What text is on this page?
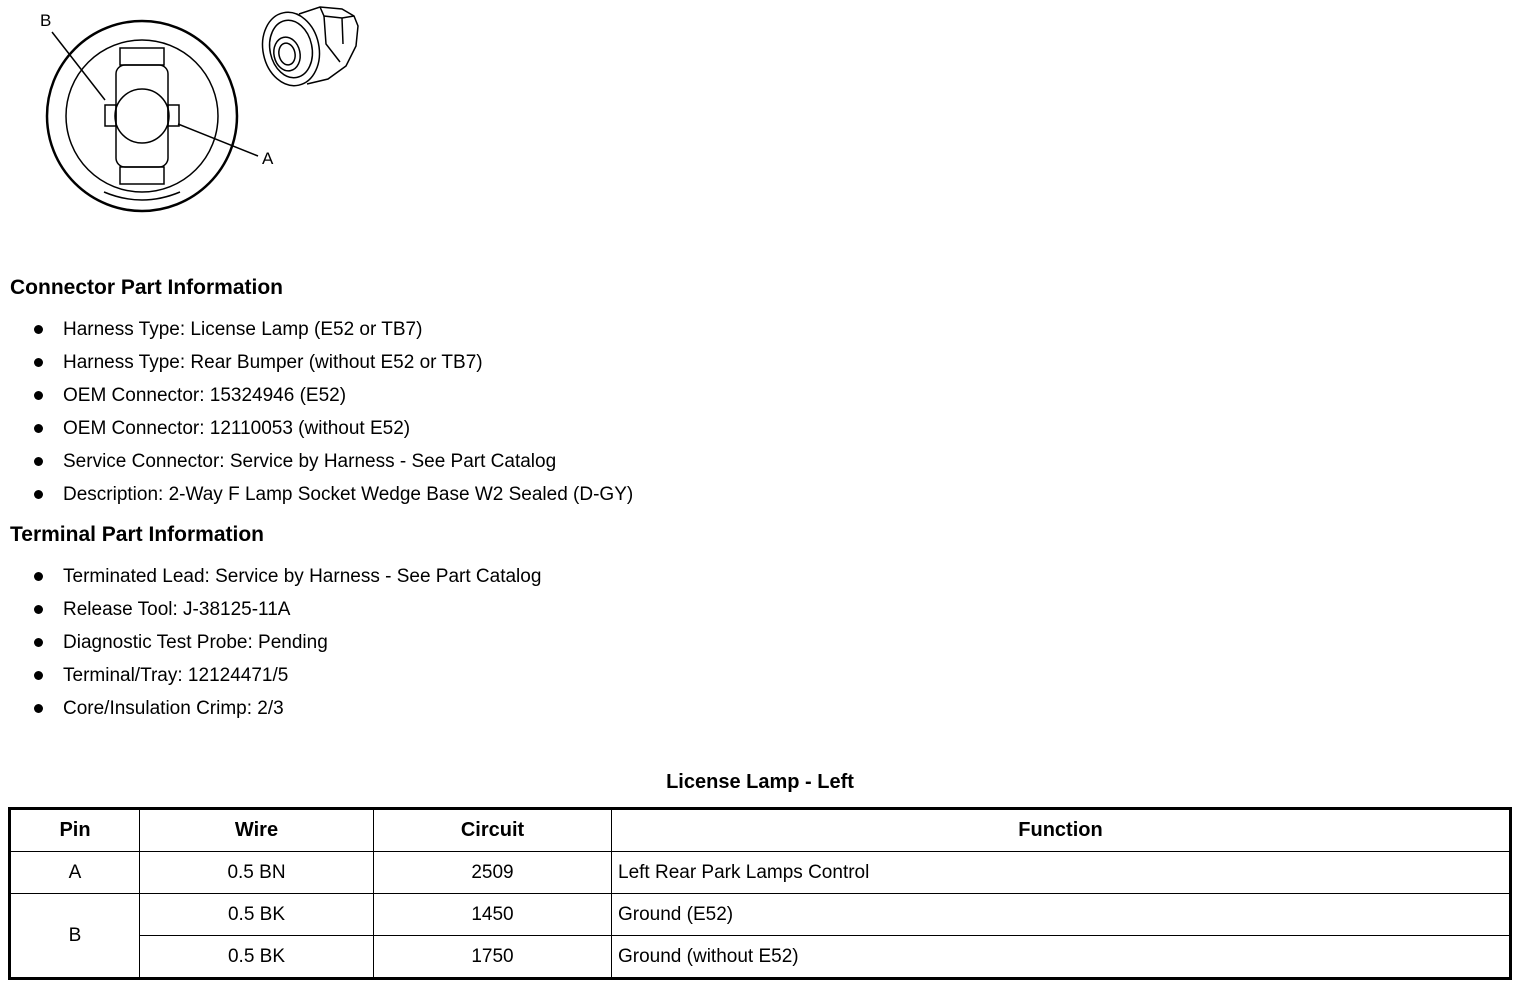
B
A
Connector Part Information
Harness Type: License Lamp (E52 or TB7)
Harness Type: Rear Bumper (without E52 or TB7)
OEM Connector: 15324946 (E52)
OEM Connector: 12110053 (without E52)
Service Connector: Service by Harness - See Part Catalog
Description: 2-Way F Lamp Socket Wedge Base W2 Sealed (D-GY)
Terminal Part Information
Terminated Lead: Service by Harness - See Part Catalog
Release Tool: J-38125-11A
Diagnostic Test Probe: Pending
Terminal/Tray: 12124471/5
Core/Insulation Crimp: 2/3
License Lamp - Left
Pin	Wire	Circuit	Function
A	0.5 BN	2509	Left Rear Park Lamps Control
B	0.5 BK	1450	Ground (E52)
	0.5 BK	1750	Ground (without E52)
